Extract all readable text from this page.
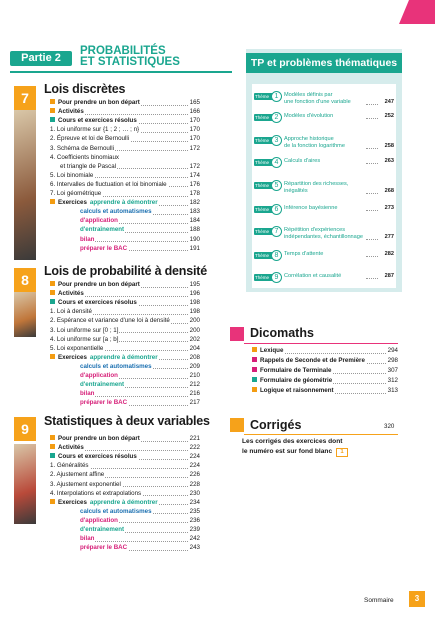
Partie 2
PROBABILITÉS
ET STATISTIQUES
7
Lois discrètes
Pour prendre un bon départ	165
Activités	166
Cours et exercices résolus	170
1. Loi uniforme sur {1 ; 2 ; … ; n}	170
2. Épreuve et loi de Bernoulli	170
3. Schéma de Bernoulli	172
4. Coefficients binomiaux
et triangle de Pascal	172
5. Loi binomiale	174
6. Intervalles de fluctuation et loi binomiale	176
7. Loi géométrique	178
Exercices apprendre à démontrer	182
calculs et automatismes	183
d'application	184
d'entraînement	188
bilan	190
préparer le BAC	191
8
Lois de probabilité à densité
Pour prendre un bon départ	195
Activités	196
Cours et exercices résolus	198
1. Loi à densité	198
2. Espérance et variance d'une loi à densité	200
3. Loi uniforme sur [0 ; 1]	200
4. Loi uniforme sur [a ; b]	202
5. Loi exponentielle	204
Exercices apprendre à démontrer	208
calculs et automatismes	209
d'application	210
d'entraînement	212
bilan	216
préparer le BAC	217
9	Statistiques à deux variables
Pour prendre un bon départ	221
Activités	222
Cours et exercices résolus	224
1. Généralités	224
2. Ajustement affine	226
3. Ajustement exponentiel	228
4. Interpolations et extrapolations	230
Exercices apprendre à démontrer	234
calculs et automatismes	235
d'application	236
d'entraînement	239
bilan	242
préparer le BAC	243
TP et problèmes thématiques
Thème 1 Modèles définis par
une fonction d'une variable	247
Thème 2 Modèles d'évolution	252
Thème 3 Approche historique
de la fonction logarithme	258
Thème 4 Calculs d'aires	263
Thème 5 Répartition des richesses,
inégalités	268
Thème 6 Inférence bayésienne	273
Thème 7 Répétition d'expériences
indépendantes, échantillonnage	277
Thème 8 Temps d'attente	282
Thème 9 Corrélation et causalité	287
Dicomaths
Lexique	294
Rappels de Seconde et de Première	298
Formulaire de Terminale	307
Formulaire de géométrie	312
Logique et raisonnement	313
Corrigés	320
Les corrigés des exercices dont
le numéro est sur fond blanc 1
Sommaire	3
